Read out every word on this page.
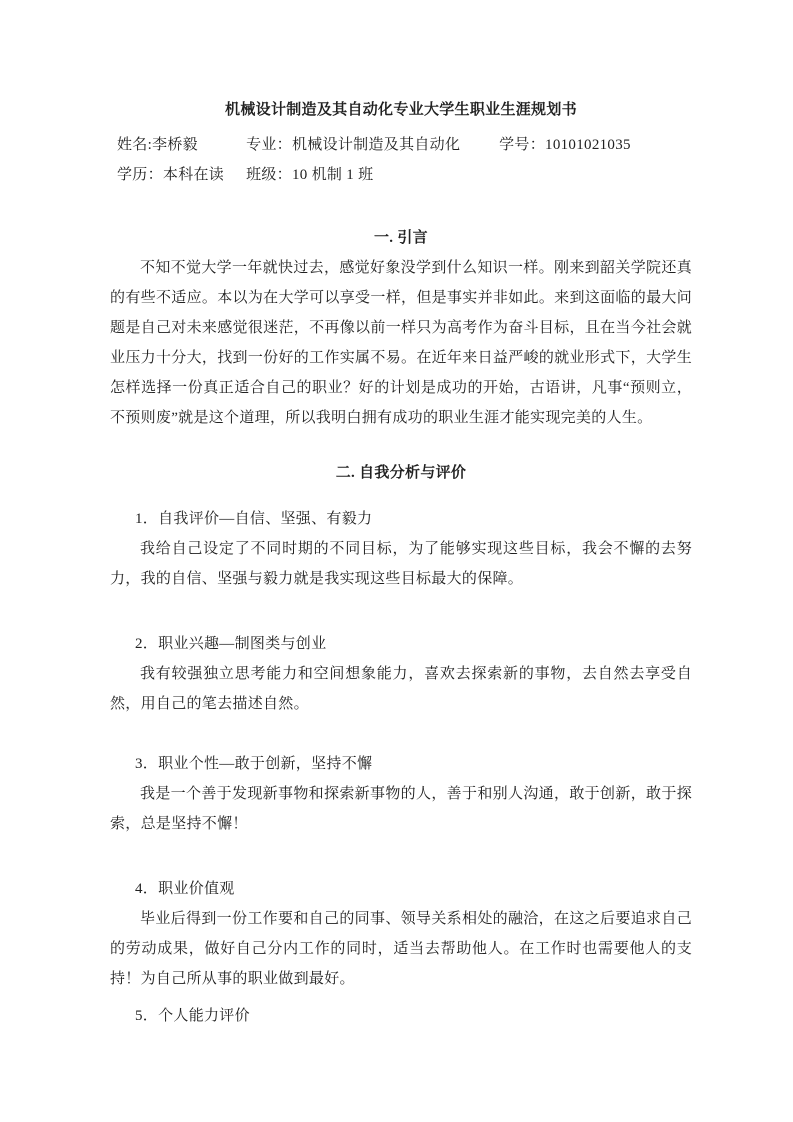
机械设计制造及其自动化专业大学生职业生涯规划书
姓名:李桥毅	专业：机械设计制造及其自动化	学号：10101021035
学历：本科在读 班级：10 机制 1 班
一. 引言
不知不觉大学一年就快过去，感觉好象没学到什么知识一样。刚来到韶关学院还真的有些不适应。本以为在大学可以享受一样，但是事实并非如此。来到这面临的最大问题是自己对未来感觉很迷茫，不再像以前一样只为高考作为奋斗目标，且在当今社会就业压力十分大，找到一份好的工作实属不易。在近年来日益严峻的就业形式下，大学生怎样选择一份真正适合自己的职业？好的计划是成功的开始，古语讲，凡事“预则立，不预则废”就是这个道理，所以我明白拥有成功的职业生涯才能实现完美的人生。
二. 自我分析与评价
1．自我评价—自信、坚强、有毅力
我给自己设定了不同时期的不同目标，为了能够实现这些目标，我会不懈的去努力，我的自信、坚强与毅力就是我实现这些目标最大的保障。
2．职业兴趣—制图类与创业
我有较强独立思考能力和空间想象能力，喜欢去探索新的事物，去自然去享受自然，用自己的笔去描述自然。
3．职业个性—敢于创新，坚持不懈
我是一个善于发现新事物和探索新事物的人，善于和别人沟通，敢于创新，敢于探索，总是坚持不懈！
4．职业价值观
毕业后得到一份工作要和自己的同事、领导关系相处的融洽，在这之后要追求自己的劳动成果，做好自己分内工作的同时，适当去帮助他人。在工作时也需要他人的支持！为自己所从事的职业做到最好。
5．个人能力评价
